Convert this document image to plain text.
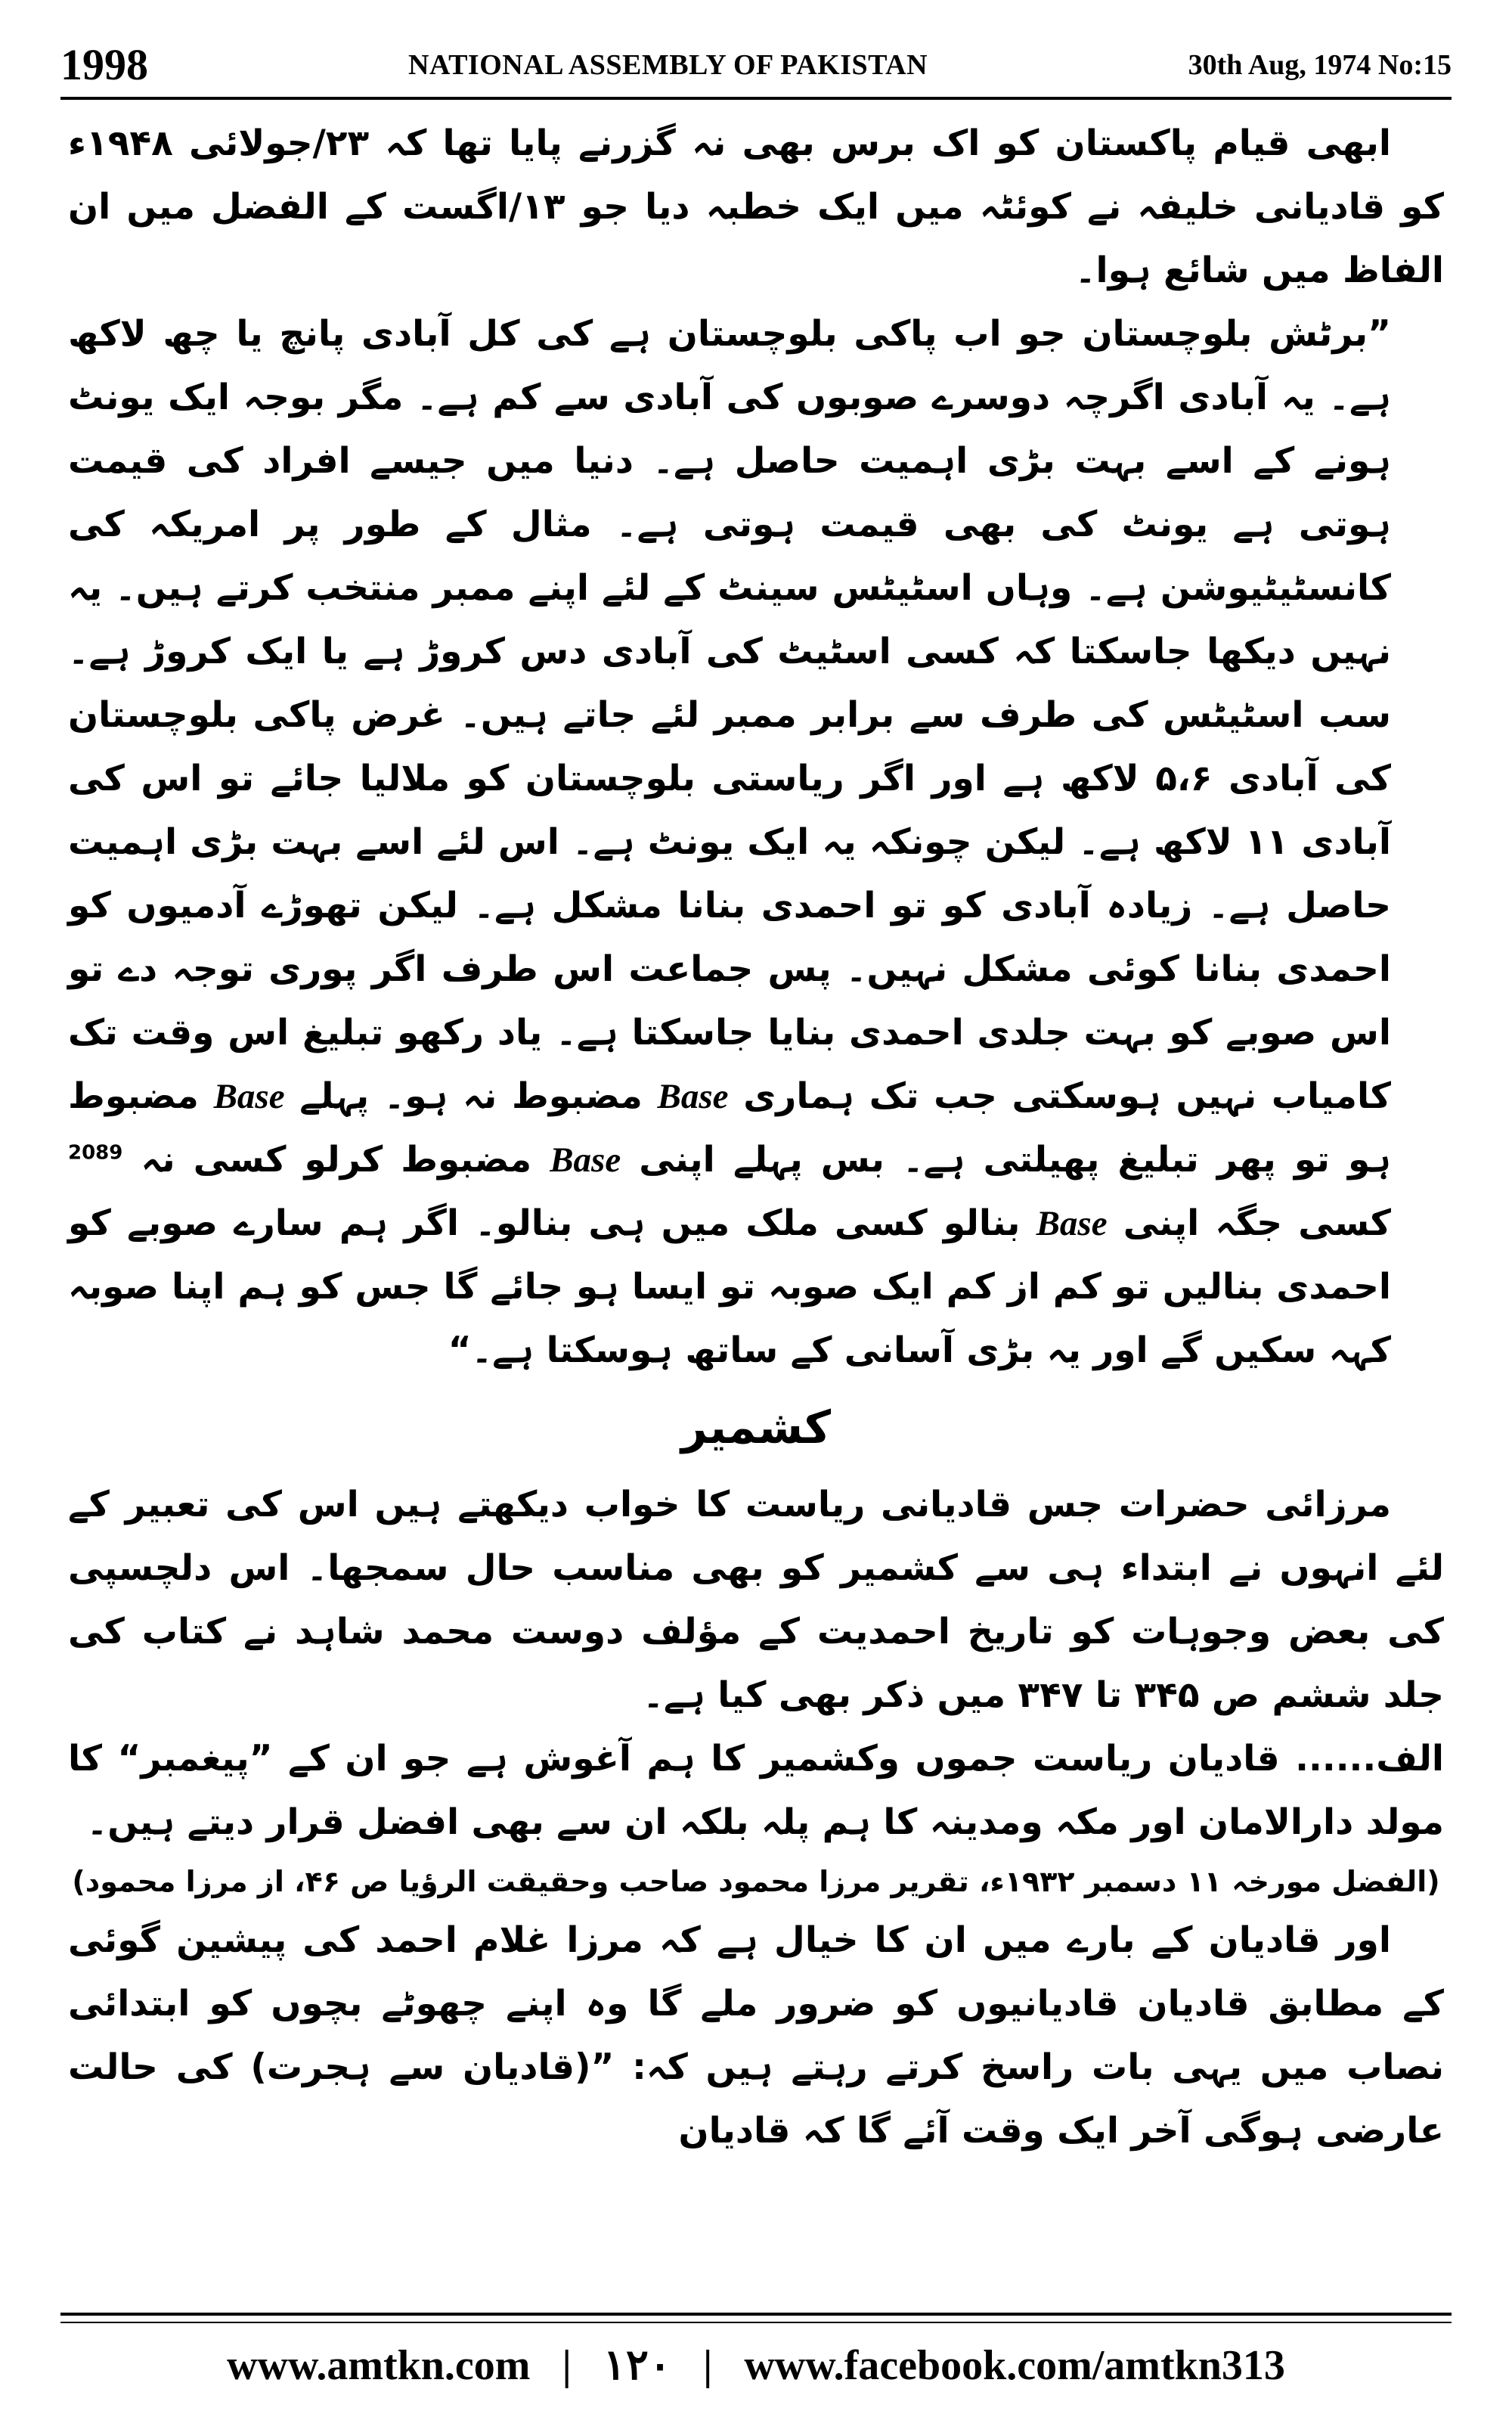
1998	NATIONAL ASSEMBLY OF PAKISTAN	30th Aug, 1974 No:15

ابھی قیام پاکستان کو اک برس بھی نہ گزرنے پایا تھا کہ ۲۳/جولائی ۱۹۴۸ء کو قادیانی خلیفہ نے کوئٹہ میں ایک خطبہ دیا جو ۱۳/اگست کے الفضل میں ان الفاظ میں شائع ہوا۔

”برٹش بلوچستان جو اب پاکی بلوچستان ہے کی کل آبادی پانچ یا چھ لاکھ ہے۔ یہ آبادی اگرچہ دوسرے صوبوں کی آبادی سے کم ہے۔ مگر بوجہ ایک یونٹ ہونے کے اسے بہت بڑی اہمیت حاصل ہے۔ دنیا میں جیسے افراد کی قیمت ہوتی ہے یونٹ کی بھی قیمت ہوتی ہے۔ مثال کے طور پر امریکہ کی کانسٹیٹیوشن ہے۔ وہاں اسٹیٹس سینٹ کے لئے اپنے ممبر منتخب کرتے ہیں۔ یہ نہیں دیکھا جاسکتا کہ کسی اسٹیٹ کی آبادی دس کروڑ ہے یا ایک کروڑ ہے۔ سب اسٹیٹس کی طرف سے برابر ممبر لئے جاتے ہیں۔ غرض پاکی بلوچستان کی آبادی ۵،۶ لاکھ ہے اور اگر ریاستی بلوچستان کو ملالیا جائے تو اس کی آبادی ۱۱ لاکھ ہے۔ لیکن چونکہ یہ ایک یونٹ ہے۔ اس لئے اسے بہت بڑی اہمیت حاصل ہے۔ زیادہ آبادی کو تو احمدی بنانا مشکل ہے۔ لیکن تھوڑے آدمیوں کو احمدی بنانا کوئی مشکل نہیں۔ پس جماعت اس طرف اگر پوری توجہ دے تو اس صوبے کو بہت جلدی احمدی بنایا جاسکتا ہے۔ یاد رکھو تبلیغ اس وقت تک کامیاب نہیں ہوسکتی جب تک ہماری Base مضبوط نہ ہو۔ پہلے Base مضبوط ہو تو پھر تبلیغ پھیلتی ہے۔ بس پہلے اپنی Base مضبوط کرلو کسی نہ $^{2089}$ کسی جگہ اپنی Base بنالو کسی ملک میں ہی بنالو۔ اگر ہم سارے صوبے کو احمدی بنالیں تو کم از کم ایک صوبہ تو ایسا ہو جائے گا جس کو ہم اپنا صوبہ کہہ سکیں گے اور یہ بڑی آسانی کے ساتھ ہوسکتا ہے۔“

کشمیر

مرزائی حضرات جس قادیانی ریاست کا خواب دیکھتے ہیں اس کی تعبیر کے لئے انہوں نے ابتداء ہی سے کشمیر کو بھی مناسب حال سمجھا۔ اس دلچسپی کی بعض وجوہات کو تاریخ احمدیت کے مؤلف دوست محمد شاہد نے کتاب کی جلد ششم ص ۳۴۵ تا ۳۴۷ میں ذکر بھی کیا ہے۔

الف...... قادیان ریاست جموں وکشمیر کا ہم آغوش ہے جو ان کے ”پیغمبر“ کا مولد دارالامان اور مکہ ومدینہ کا ہم پلہ بلکہ ان سے بھی افضل قرار دیتے ہیں۔

(الفضل مورخہ ۱۱ دسمبر ۱۹۳۲ء، تقریر مرزا محمود صاحب وحقیقت الرؤیا ص ۴۶، از مرزا محمود)

اور قادیان کے بارے میں ان کا خیال ہے کہ مرزا غلام احمد کی پیشین گوئی کے مطابق قادیان قادیانیوں کو ضرور ملے گا وہ اپنے چھوٹے بچوں کو ابتدائی نصاب میں یہی بات راسخ کرتے رہتے ہیں کہ: ”(قادیان سے ہجرت) کی حالت عارضی ہوگی آخر ایک وقت آئے گا کہ قادیان

www.amtkn.com | ۱۲۰ | www.facebook.com/amtkn313
